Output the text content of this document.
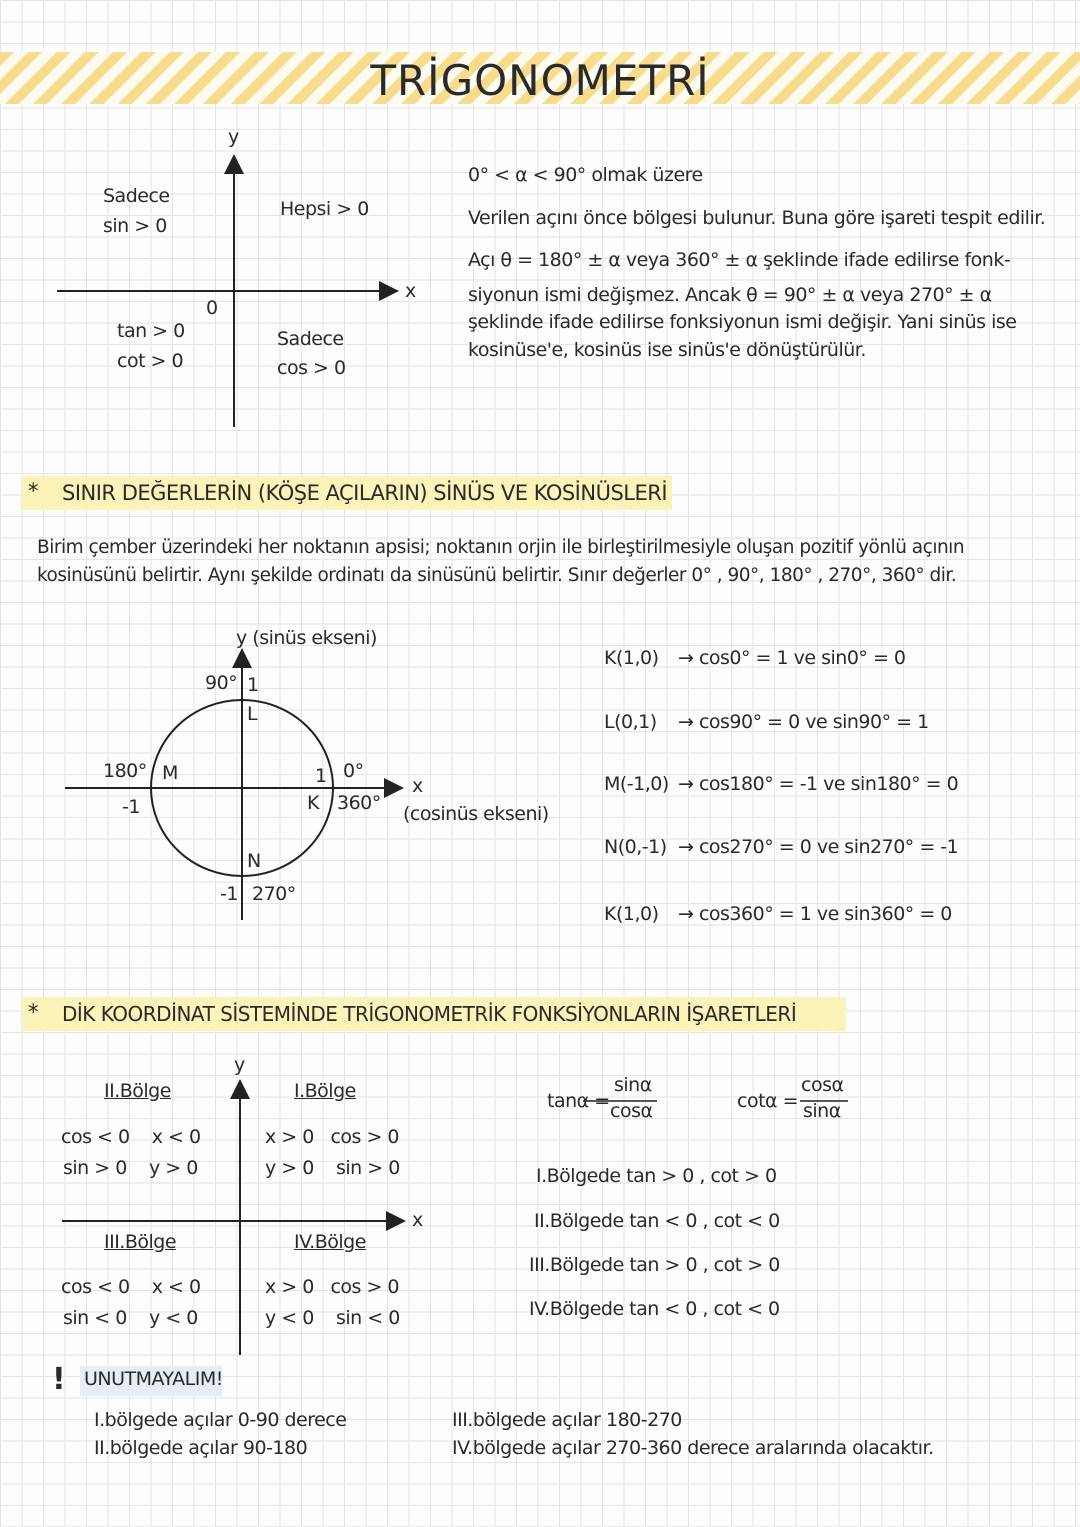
TRİGONOMETRİ
y
x
0
Sadece
sin > 0
Hepsi > 0
tan > 0
cot > 0
Sadece
cos > 0
0° < α < 90° olmak üzere
Verilen açını önce bölgesi bulunur. Buna göre işareti tespit edilir.
Açı θ = 180° ± α veya 360° ± α şeklinde ifade edilirse fonk-
siyonun ismi değişmez. Ancak θ = 90° ± α veya 270° ± α
şeklinde ifade edilirse fonksiyonun ismi değişir. Yani sinüs ise
kosinüse'e, kosinüs ise sinüs'e dönüştürülür.
* SINIR DEĞERLERİN (KÖŞE AÇILARIN) SİNÜS VE KOSİNÜSLERİ
Birim çember üzerindeki her noktanın apsisi; noktanın orjin ile birleştirilmesiyle oluşan pozitif yönlü açının
kosinüsünü belirtir. Aynı şekilde ordinatı da sinüsünü belirtir. Sınır değerler 0° , 90°, 180° , 270°, 360° dir.
y (sinüs ekseni)
x
(cosinüs ekseni)
90° 1
L
180° M
-1
1 0°
K 360°
N
-1 270°
K(1,0) → cos0° = 1 ve sin0° = 0
L(0,1) → cos90° = 0 ve sin90° = 1
M(-1,0) → cos180° = -1 ve sin180° = 0
N(0,-1) → cos270° = 0 ve sin270° = -1
K(1,0) → cos360° = 1 ve sin360° = 0
* DİK KOORDİNAT SİSTEMİNDE TRİGONOMETRİK FONKSİYONLARIN İŞARETLERİ
y
x
II.Bölge
cos < 0    x < 0
sin > 0    y > 0
I.Bölge
x > 0   cos > 0
y > 0    sin > 0
III.Bölge
cos < 0    x < 0
sin < 0    y < 0
IV.Bölge
x > 0   cos > 0
y < 0    sin < 0
tanα =
sinα
cosα	cotα =
cosα
sinα
I.Bölgede tan > 0 , cot > 0
II.Bölgede tan < 0 , cot < 0
III.Bölgede tan > 0 , cot > 0
IV.Bölgede tan < 0 , cot < 0
! UNUTMAYALIM!
I.bölgede açılar 0-90 derece
II.bölgede açılar 90-180
III.bölgede açılar 180-270
IV.bölgede açılar 270-360 derece aralarında olacaktır.
